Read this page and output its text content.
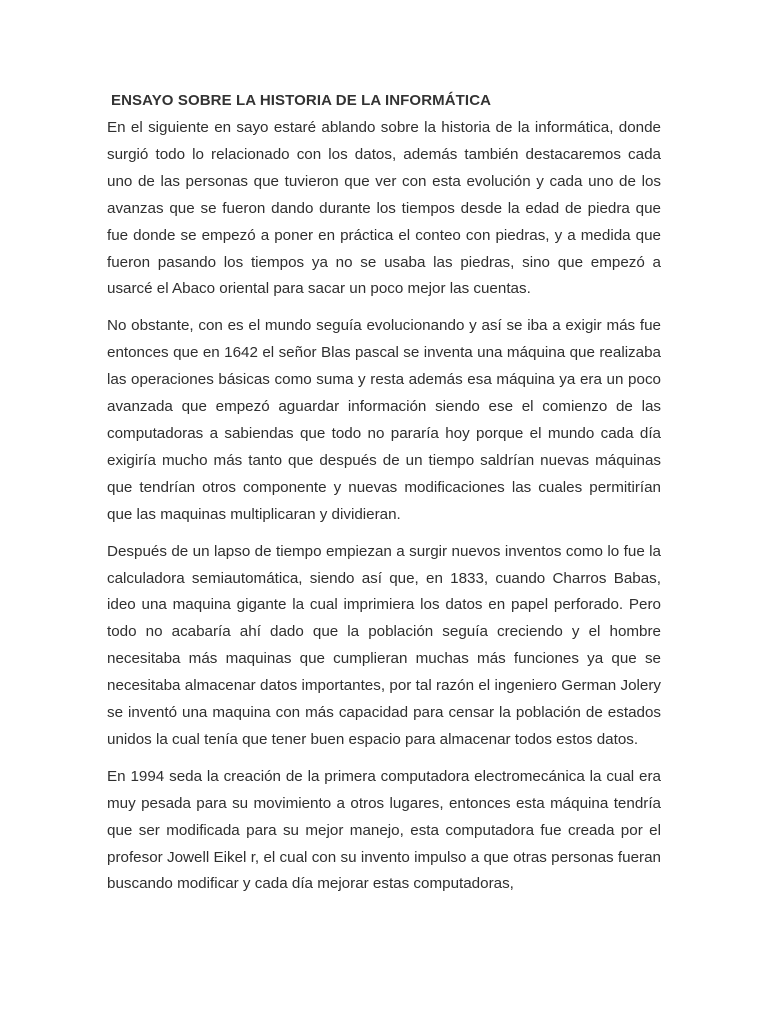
ENSAYO SOBRE LA HISTORIA DE LA INFORMÁTICA

En el siguiente en sayo estaré ablando sobre la historia de la informática, donde surgió todo lo relacionado con los datos, además también destacaremos cada uno de las personas que tuvieron que ver con esta evolución y cada uno de los avanzas que se fueron dando durante los tiempos desde la edad de piedra que fue donde se empezó a poner en práctica el conteo con piedras, y a medida que fueron pasando los tiempos ya no se usaba las piedras, sino que empezó a usarcé el Abaco oriental para sacar un poco mejor las cuentas.

No obstante, con es el mundo seguía evolucionando y así se iba a exigir más fue entonces que en 1642 el señor Blas pascal se inventa una máquina que realizaba las operaciones básicas como suma y resta además esa máquina ya era un poco avanzada que empezó aguardar información siendo ese el comienzo de las computadoras a sabiendas que todo no pararía hoy porque el mundo cada día exigiría mucho más tanto que después de un tiempo saldrían nuevas máquinas que tendrían otros componente y nuevas modificaciones las cuales permitirían que las maquinas multiplicaran y dividieran.

Después de un lapso de tiempo empiezan a surgir nuevos inventos como lo fue la calculadora semiautomática, siendo así que, en 1833, cuando Charros Babas, ideo una maquina gigante la cual imprimiera los datos en papel perforado. Pero todo no acabaría ahí dado que la población seguía creciendo y el hombre necesitaba más maquinas que cumplieran muchas más funciones ya que se necesitaba almacenar datos importantes, por tal razón el ingeniero German Jolery se inventó una maquina con más capacidad para censar la población de estados unidos la cual tenía que tener buen espacio para almacenar todos estos datos.

En 1994 seda la creación de la primera computadora electromecánica la cual era muy pesada para su movimiento a otros lugares, entonces esta máquina tendría que ser modificada para su mejor manejo, esta computadora fue creada por el profesor Jowell Eikel r, el cual con su invento impulso a que otras personas fueran buscando modificar y cada día mejorar estas computadoras,
